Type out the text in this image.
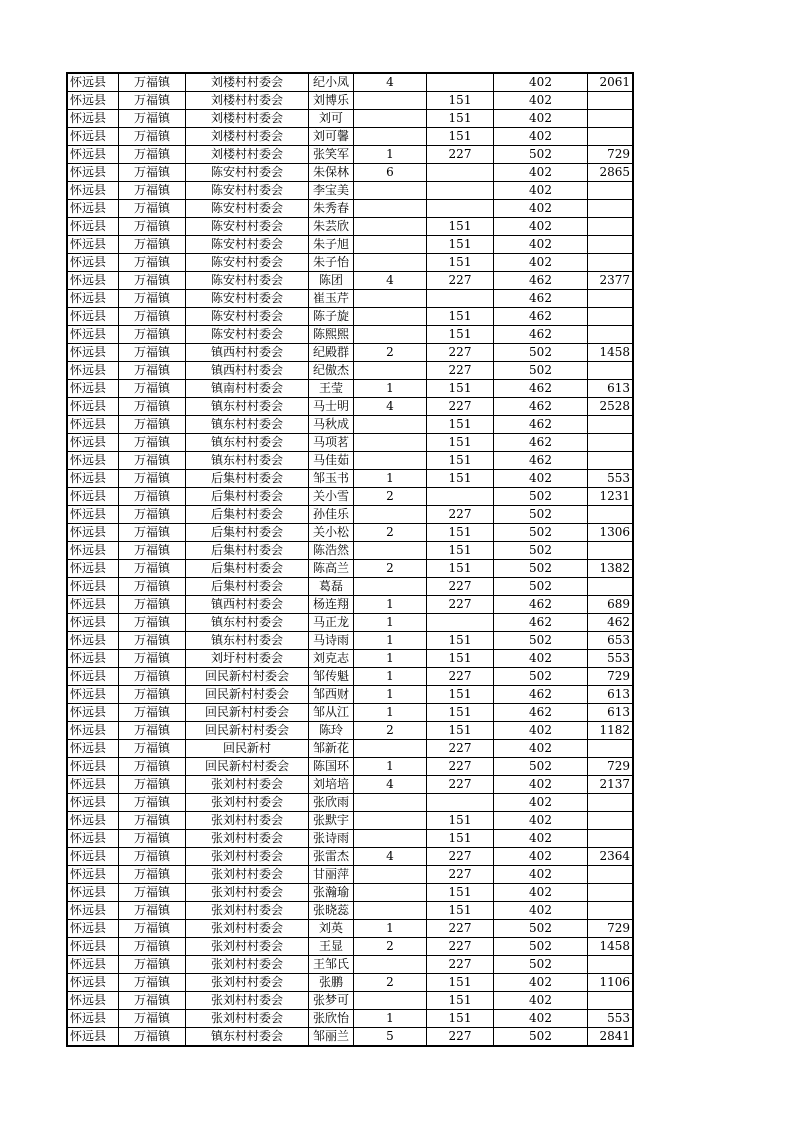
怀远县	万福镇	刘楼村村委会	纪小凤	4		402	2061
怀远县	万福镇	刘楼村村委会	刘博乐		151	402	
怀远县	万福镇	刘楼村村委会	刘可		151	402	
怀远县	万福镇	刘楼村村委会	刘可馨		151	402	
怀远县	万福镇	刘楼村村委会	张笑军	1	227	502	729
怀远县	万福镇	陈安村村委会	朱保林	6		402	2865
怀远县	万福镇	陈安村村委会	李宝美			402	
怀远县	万福镇	陈安村村委会	朱秀春			402	
怀远县	万福镇	陈安村村委会	朱芸欣		151	402	
怀远县	万福镇	陈安村村委会	朱子旭		151	402	
怀远县	万福镇	陈安村村委会	朱子怡		151	402	
怀远县	万福镇	陈安村村委会	陈团	4	227	462	2377
怀远县	万福镇	陈安村村委会	崔玉芹			462	
怀远县	万福镇	陈安村村委会	陈子旋		151	462	
怀远县	万福镇	陈安村村委会	陈熙熙		151	462	
怀远县	万福镇	镇西村村委会	纪殿群	2	227	502	1458
怀远县	万福镇	镇西村村委会	纪傲杰		227	502	
怀远县	万福镇	镇南村村委会	王莹	1	151	462	613
怀远县	万福镇	镇东村村委会	马士明	4	227	462	2528
怀远县	万福镇	镇东村村委会	马秋成		151	462	
怀远县	万福镇	镇东村村委会	马项茗		151	462	
怀远县	万福镇	镇东村村委会	马佳茹		151	462	
怀远县	万福镇	后集村村委会	邹玉书	1	151	402	553
怀远县	万福镇	后集村村委会	关小雪	2		502	1231
怀远县	万福镇	后集村村委会	孙佳乐		227	502	
怀远县	万福镇	后集村村委会	关小松	2	151	502	1306
怀远县	万福镇	后集村村委会	陈浩然		151	502	
怀远县	万福镇	后集村村委会	陈高兰	2	151	502	1382
怀远县	万福镇	后集村村委会	葛磊		227	502	
怀远县	万福镇	镇西村村委会	杨连翔	1	227	462	689
怀远县	万福镇	镇东村村委会	马正龙	1		462	462
怀远县	万福镇	镇东村村委会	马诗雨	1	151	502	653
怀远县	万福镇	刘圩村村委会	刘克志	1	151	402	553
怀远县	万福镇	回民新村村委会	邹传魁	1	227	502	729
怀远县	万福镇	回民新村村委会	邹西财	1	151	462	613
怀远县	万福镇	回民新村村委会	邹从江	1	151	462	613
怀远县	万福镇	回民新村村委会	陈玲	2	151	402	1182
怀远县	万福镇	回民新村	邹新花		227	402	
怀远县	万福镇	回民新村村委会	陈国环	1	227	502	729
怀远县	万福镇	张刘村村委会	刘培培	4	227	402	2137
怀远县	万福镇	张刘村村委会	张欣雨			402	
怀远县	万福镇	张刘村村委会	张默宇		151	402	
怀远县	万福镇	张刘村村委会	张诗雨		151	402	
怀远县	万福镇	张刘村村委会	张雷杰	4	227	402	2364
怀远县	万福镇	张刘村村委会	甘丽萍		227	402	
怀远县	万福镇	张刘村村委会	张瀚瑜		151	402	
怀远县	万福镇	张刘村村委会	张晓蕊		151	402	
怀远县	万福镇	张刘村村委会	刘英	1	227	502	729
怀远县	万福镇	张刘村村委会	王显	2	227	502	1458
怀远县	万福镇	张刘村村委会	王邹氏		227	502	
怀远县	万福镇	张刘村村委会	张鹏	2	151	402	1106
怀远县	万福镇	张刘村村委会	张梦可		151	402	
怀远县	万福镇	张刘村村委会	张欣怡	1	151	402	553
怀远县	万福镇	镇东村村委会	邹丽兰	5	227	502	2841
